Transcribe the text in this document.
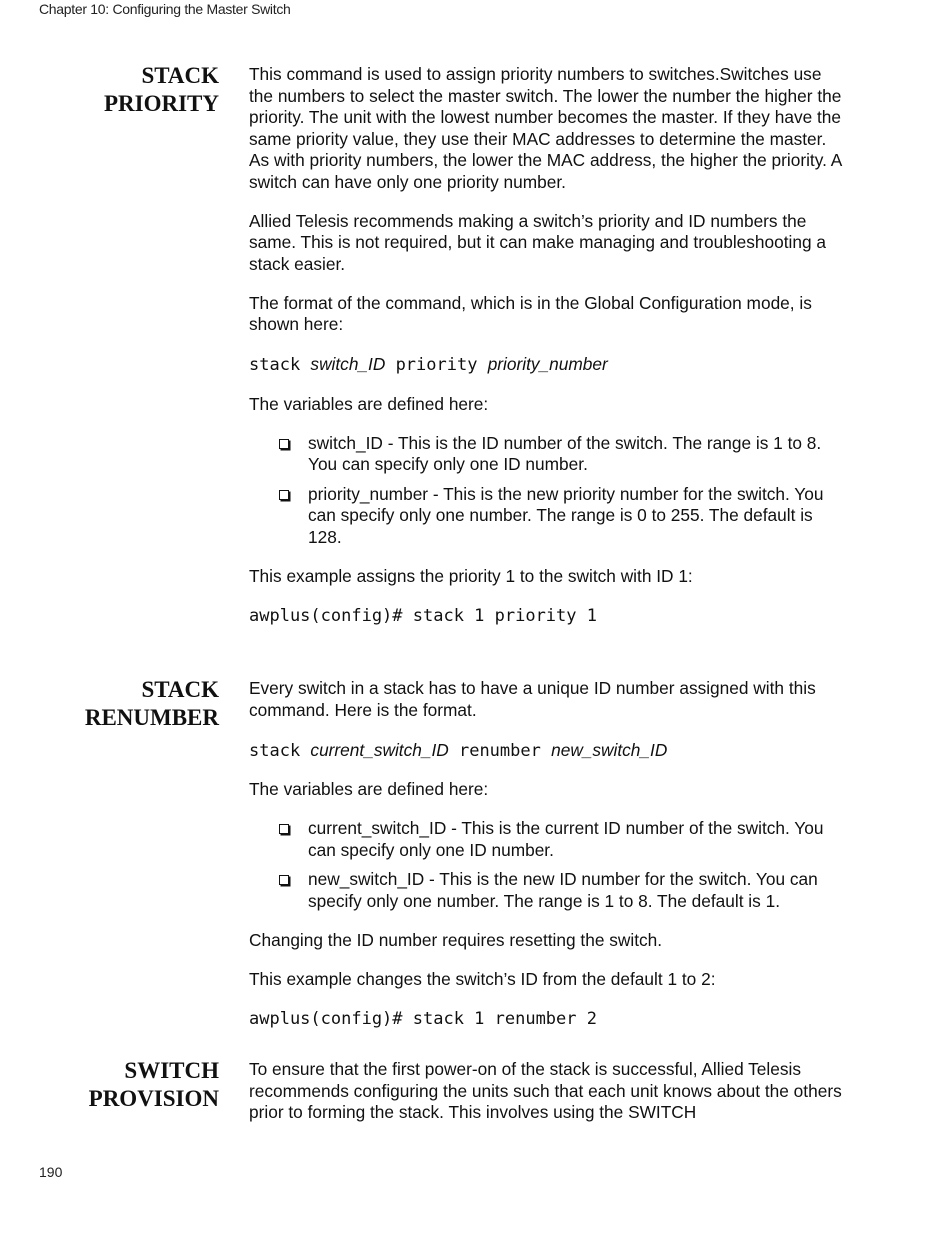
Chapter 10: Configuring the Master Switch
STACK
PRIORITY

This command is used to assign priority numbers to switches.Switches use the numbers to select the master switch. The lower the number the higher the priority. The unit with the lowest number becomes the master. If they have the same priority value, they use their MAC addresses to determine the master. As with priority numbers, the lower the MAC address, the higher the priority. A switch can have only one priority number.

Allied Telesis recommends making a switch’s priority and ID numbers the same. This is not required, but it can make managing and troubleshooting a stack easier.

The format of the command, which is in the Global Configuration mode, is shown here:

stack switch_ID priority priority_number

The variables are defined here:

switch_ID - This is the ID number of the switch. The range is 1 to 8. You can specify only one ID number.
priority_number - This is the new priority number for the switch. You can specify only one number. The range is 0 to 255. The default is 128.

This example assigns the priority 1 to the switch with ID 1:

awplus(config)# stack 1 priority 1
STACK
RENUMBER

Every switch in a stack has to have a unique ID number assigned with this command. Here is the format.

stack current_switch_ID renumber new_switch_ID

The variables are defined here:

current_switch_ID - This is the current ID number of the switch. You can specify only one ID number.
new_switch_ID - This is the new ID number for the switch. You can specify only one number. The range is 1 to 8. The default is 1.

Changing the ID number requires resetting the switch.

This example changes the switch’s ID from the default 1 to 2:

awplus(config)# stack 1 renumber 2
SWITCH
PROVISION

To ensure that the first power-on of the stack is successful, Allied Telesis recommends configuring the units such that each unit knows about the others prior to forming the stack. This involves using the SWITCH

190
